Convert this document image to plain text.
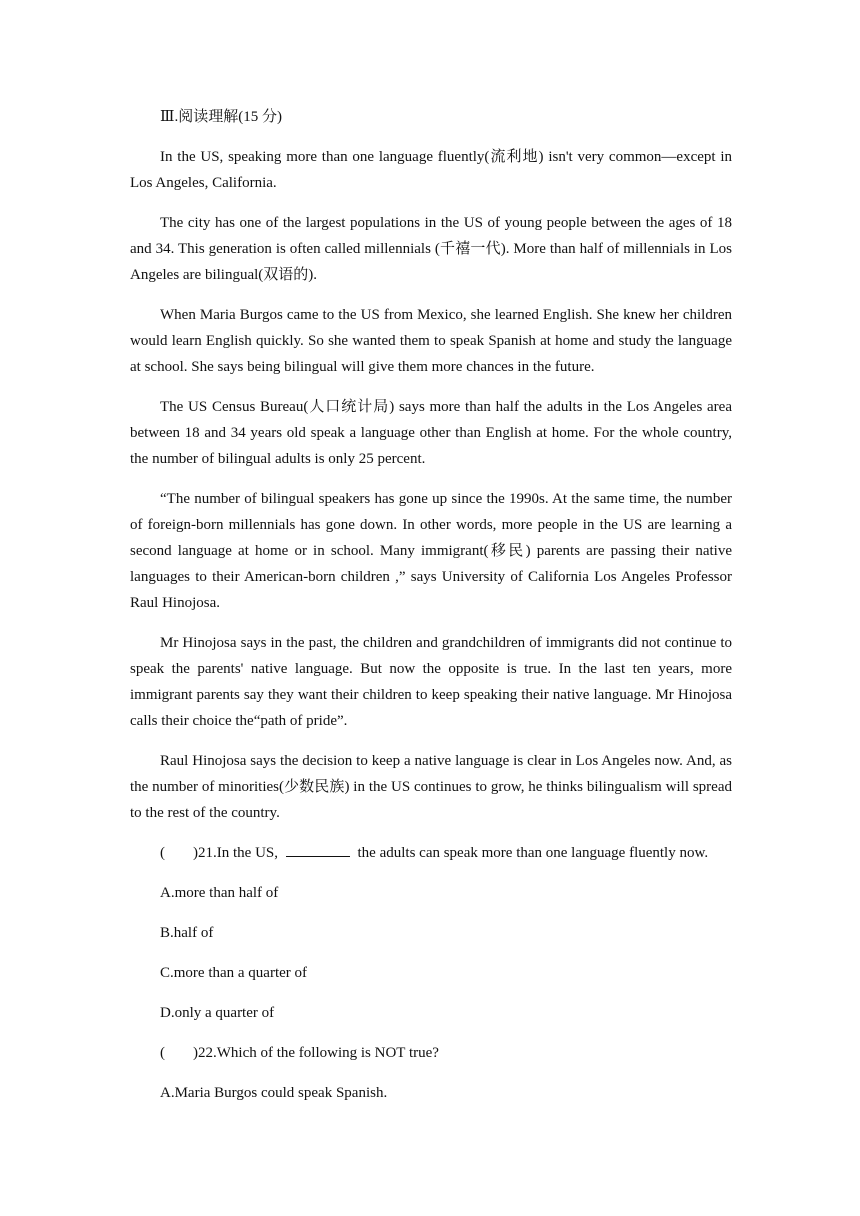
Ⅲ.阅读理解(15 分)

In the US, speaking more than one language fluently(流利地) isn't very common—except in Los Angeles, California.

The city has one of the largest populations in the US of young people between the ages of 18 and 34. This generation is often called millennials (千禧一代). More than half of millennials in Los Angeles are bilingual(双语的).

When Maria Burgos came to the US from Mexico, she learned English. She knew her children would learn English quickly. So she wanted them to speak Spanish at home and study the language at school. She says being bilingual will give them more chances in the future.

The US Census Bureau(人口统计局) says more than half the adults in the Los Angeles area between 18 and 34 years old speak a language other than English at home. For the whole country, the number of bilingual adults is only 25 percent.

“The number of bilingual speakers has gone up since the 1990s. At the same time, the number of foreign‐born millennials has gone down. In other words, more people in the US are learning a second language at home or in school. Many immigrant(移民) parents are passing their native languages to their American-born children ,” says University of California Los Angeles Professor Raul Hinojosa.

Mr Hinojosa says in the past, the children and grandchildren of immigrants did not continue to speak the parents' native language. But now the opposite is true. In the last ten years, more immigrant parents say they want their children to keep speaking their native language. Mr Hinojosa calls their choice the“path of pride”.

Raul Hinojosa says the decision to keep a native language is clear in Los Angeles now. And, as the number of minorities(少数民族) in the US continues to grow, he thinks bilingualism will spread to the rest of the country.

( )21.In the US,	the adults can speak more than one language fluently now.
A.more than half of
B.half of
C.more than a quarter of
D.only a quarter of
( )22.Which of the following is NOT true?
A.Maria Burgos could speak Spanish.
